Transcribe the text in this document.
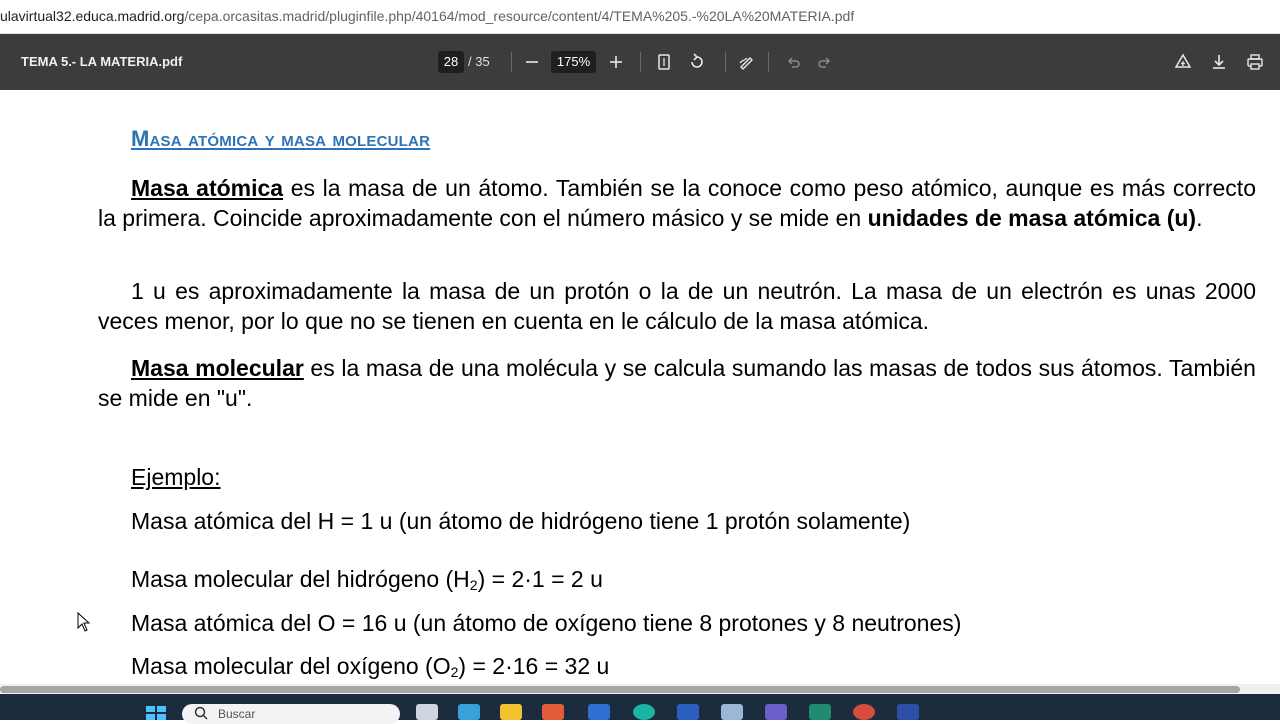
ulavirtual32.educa.madrid.org/cepa.orcasitas.madrid/pluginfile.php/40164/mod_resource/content/4/TEMA%205.-%20LA%20MATERIA.pdf
TEMA 5.- LA MATERIA.pdf	28 / 35	175%
Masa atómica y masa molecular

Masa atómica es la masa de un átomo. También se la conoce como peso atómico, aunque es más correcto la primera. Coincide aproximadamente con el número másico y se mide en unidades de masa atómica (u).

1 u es aproximadamente la masa de un protón o la de un neutrón. La masa de un electrón es unas 2000 veces menor, por lo que no se tienen en cuenta en le cálculo de la masa atómica.

Masa molecular es la masa de una molécula y se calcula sumando las masas de todos sus átomos. También se mide en "u".

Ejemplo:
Masa atómica del H = 1 u (un átomo de hidrógeno tiene 1 protón solamente)
Masa molecular del hidrógeno $(H_2) = 2\cdot 1 = 2$ u
Masa atómica del O = 16 u (un átomo de oxígeno tiene 8 protones y 8 neutrones)
Masa molecular del oxígeno $(O_2) = 2\cdot 16 = 32$ u
Buscar
